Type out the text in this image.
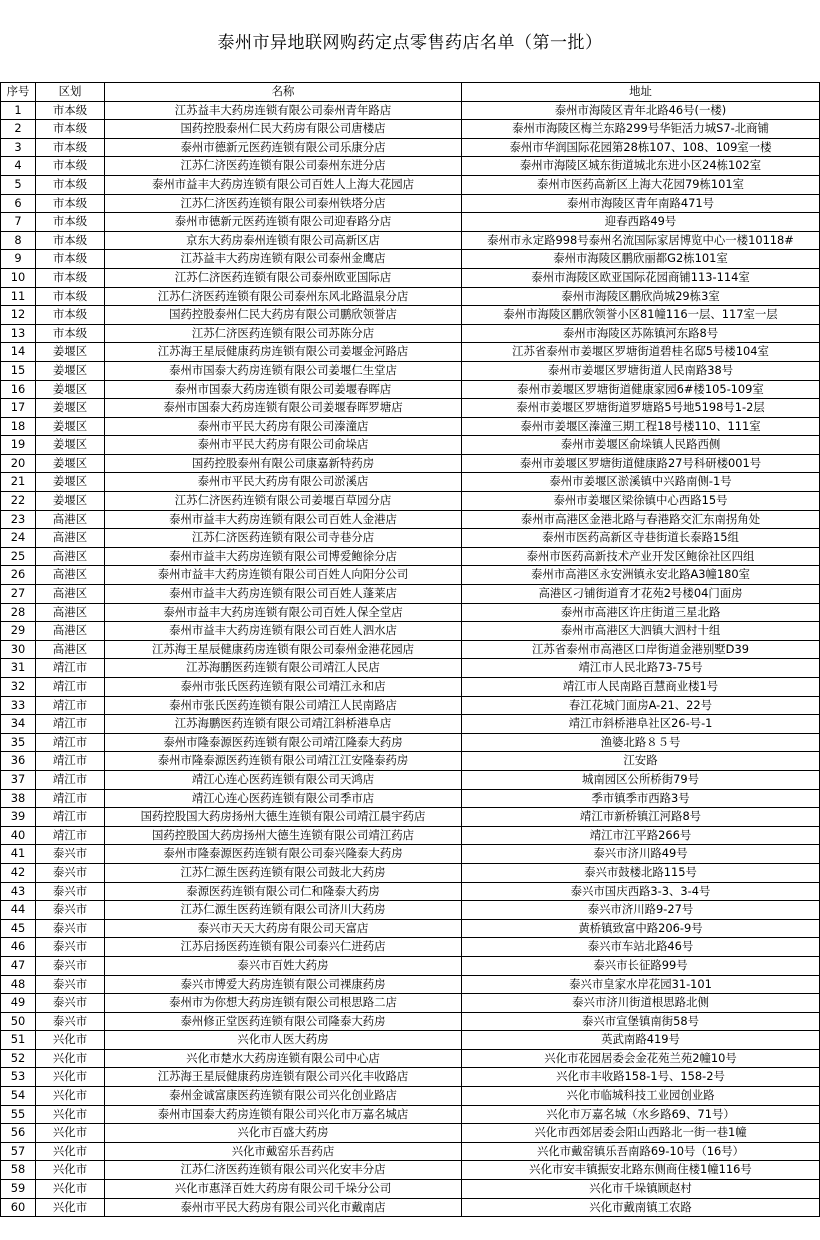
泰州市异地联网购药定点零售药店名单（第一批）
序号	区划	名称	地址
1	市本级	江苏益丰大药房连锁有限公司泰州青年路店	泰州市海陵区青年北路46号(一楼)
2	市本级	国药控股泰州仁民大药房有限公司唐楼店	泰州市海陵区梅兰东路299号华钜活力城S7-北商铺
3	市本级	泰州市德新元医药连锁有限公司乐康分店	泰州市华润国际花园第28栋107、108、109室一楼
4	市本级	江苏仁济医药连锁有限公司泰州东进分店	泰州市海陵区城东街道城北东进小区24栋102室
5	市本级	泰州市益丰大药房连锁有限公司百姓人上海大花园店	泰州市医药高新区上海大花园79栋101室
6	市本级	江苏仁济医药连锁有限公司泰州铁塔分店	泰州市海陵区青年南路471号
7	市本级	泰州市德新元医药连锁有限公司迎春路分店	迎春西路49号
8	市本级	京东大药房泰州连锁有限公司高新区店	泰州市永定路998号泰州名流国际家居博览中心一楼10118#
9	市本级	江苏益丰大药房连锁有限公司泰州金鹰店	泰州市海陵区鹏欣丽都G2栋101室
10	市本级	江苏仁济医药连锁有限公司泰州欧亚国际店	泰州市海陵区欧亚国际花园商铺113-114室
11	市本级	江苏仁济医药连锁有限公司泰州东风北路温泉分店	泰州市海陵区鹏欣尚城29栋3室
12	市本级	国药控股泰州仁民大药房有限公司鹏欣领誉店	泰州市海陵区鹏欣领誉小区81幢116一层、117室一层
13	市本级	江苏仁济医药连锁有限公司苏陈分店	泰州市海陵区苏陈镇河东路8号
14	姜堰区	江苏海王星辰健康药房连锁有限公司姜堰金河路店	江苏省泰州市姜堰区罗塘街道碧桂名邸5号楼104室
15	姜堰区	泰州市国泰大药房连锁有限公司姜堰仁生堂店	泰州市姜堰区罗塘街道人民南路38号
16	姜堰区	泰州市国泰大药房连锁有限公司姜堰春晖店	泰州市姜堰区罗塘街道健康家园6#楼105-109室
17	姜堰区	泰州市国泰大药房连锁有限公司姜堰春晖罗塘店	泰州市姜堰区罗塘街道罗塘路5号地5198号1-2层
18	姜堰区	泰州市平民大药房有限公司溱潼店	泰州市姜堰区溱潼三期工程18号楼110、111室
19	姜堰区	泰州市平民大药房有限公司俞垛店	泰州市姜堰区俞垛镇人民路西侧
20	姜堰区	国药控股泰州有限公司康嘉新特药房	泰州市姜堰区罗塘街道健康路27号科研楼001号
21	姜堰区	泰州市平民大药房有限公司淤溪店	泰州市姜堰区淤溪镇中兴路南侧-1号
22	姜堰区	江苏仁济医药连锁有限公司姜堰百草园分店	泰州市姜堰区梁徐镇中心西路15号
23	高港区	泰州市益丰大药房连锁有限公司百姓人金港店	泰州市高港区金港北路与春港路交汇东南拐角处
24	高港区	江苏仁济医药连锁有限公司寺巷分店	泰州市医药高新区寺巷街道长泰路15组
25	高港区	泰州市益丰大药房连锁有限公司博爱鲍徐分店	泰州市医药高新技术产业开发区鲍徐社区四组
26	高港区	泰州市益丰大药房连锁有限公司百姓人向阳分公司	泰州市高港区永安洲镇永安北路A3幢180室
27	高港区	泰州市益丰大药房连锁有限公司百姓人蓬莱店	高港区刁铺街道育才花苑2号楼04门面房
28	高港区	泰州市益丰大药房连锁有限公司百姓人保全堂店	泰州市高港区许庄街道三星北路
29	高港区	泰州市益丰大药房连锁有限公司百姓人泗水店	泰州市高港区大泗镇大泗村十组
30	高港区	江苏海王星辰健康药房连锁有限公司泰州金港花园店	江苏省泰州市高港区口岸街道金港别墅D39
31	靖江市	江苏海鹏医药连锁有限公司靖江人民店	靖江市人民北路73-75号
32	靖江市	泰州市张氏医药连锁有限公司靖江永和店	靖江市人民南路百慧商业楼1号
33	靖江市	泰州市张氏医药连锁有限公司靖江人民南路店	春江花城门面房A-21、22号
34	靖江市	江苏海鹏医药连锁有限公司靖江斜桥港阜店	靖江市斜桥港阜社区26-号-1
35	靖江市	泰州市隆泰源医药连锁有限公司靖江隆泰大药房	渔婆北路８５号
36	靖江市	泰州市隆泰源医药连锁有限公司靖江江安隆泰药房	江安路
37	靖江市	靖江心连心医药连锁有限公司天鸿店	城南园区公所桥街79号
38	靖江市	靖江心连心医药连锁有限公司季市店	季市镇季市西路3号
39	靖江市	国药控股国大药房扬州大德生连锁有限公司靖江晨宇药店	靖江市新桥镇江河路8号
40	靖江市	国药控股国大药房扬州大德生连锁有限公司靖江药店	靖江市江平路266号
41	泰兴市	泰州市隆泰源医药连锁有限公司泰兴隆泰大药房	泰兴市济川路49号
42	泰兴市	江苏仁源生医药连锁有限公司鼓北大药房	泰兴市鼓楼北路115号
43	泰兴市	泰源医药连锁有限公司仁和隆泰大药房	泰兴市国庆西路3-3、3-4号
44	泰兴市	江苏仁源生医药连锁有限公司济川大药房	泰兴市济川路9-27号
45	泰兴市	泰兴市天天大药房有限公司天富店	黄桥镇致富中路206-9号
46	泰兴市	江苏启扬医药连锁有限公司泰兴仁进药店	泰兴市车站北路46号
47	泰兴市	泰兴市百姓大药房	泰兴市长征路99号
48	泰兴市	泰兴市博爱大药房连锁有限公司裸康药房	泰兴市皇家水岸花园31-101
49	泰兴市	泰州市为你想大药房连锁有限公司根思路二店	泰兴市济川街道根思路北侧
50	泰兴市	泰州修正堂医药连锁有限公司隆泰大药房	泰兴市宣堡镇南街58号
51	兴化市	兴化市人医大药房	英武南路419号
52	兴化市	兴化市楚水大药房连锁有限公司中心店	兴化市花园居委会金花苑兰苑2幢10号
53	兴化市	江苏海王星辰健康药房连锁有限公司兴化丰收路店	兴化市丰收路158-1号、158-2号
54	兴化市	泰州金诚富康医药连锁有限公司兴化创业路店	兴化市临城科技工业园创业路
55	兴化市	泰州市国泰大药房连锁有限公司兴化市万嘉名城店	兴化市万嘉名城（水乡路69、71号）
56	兴化市	兴化市百盛大药房	兴化市西郊居委会阳山西路北一街一巷1幢
57	兴化市	兴化市戴窑乐吾药店	兴化市戴窑镇乐吾南路69-10号（16号）
58	兴化市	江苏仁济医药连锁有限公司兴化安丰分店	兴化市安丰镇振安北路东侧商住楼1幢116号
59	兴化市	兴化市惠泽百姓大药房有限公司千垛分公司	兴化市千垛镇顾赵村
60	兴化市	泰州市平民大药房有限公司兴化市戴南店	兴化市戴南镇工农路
